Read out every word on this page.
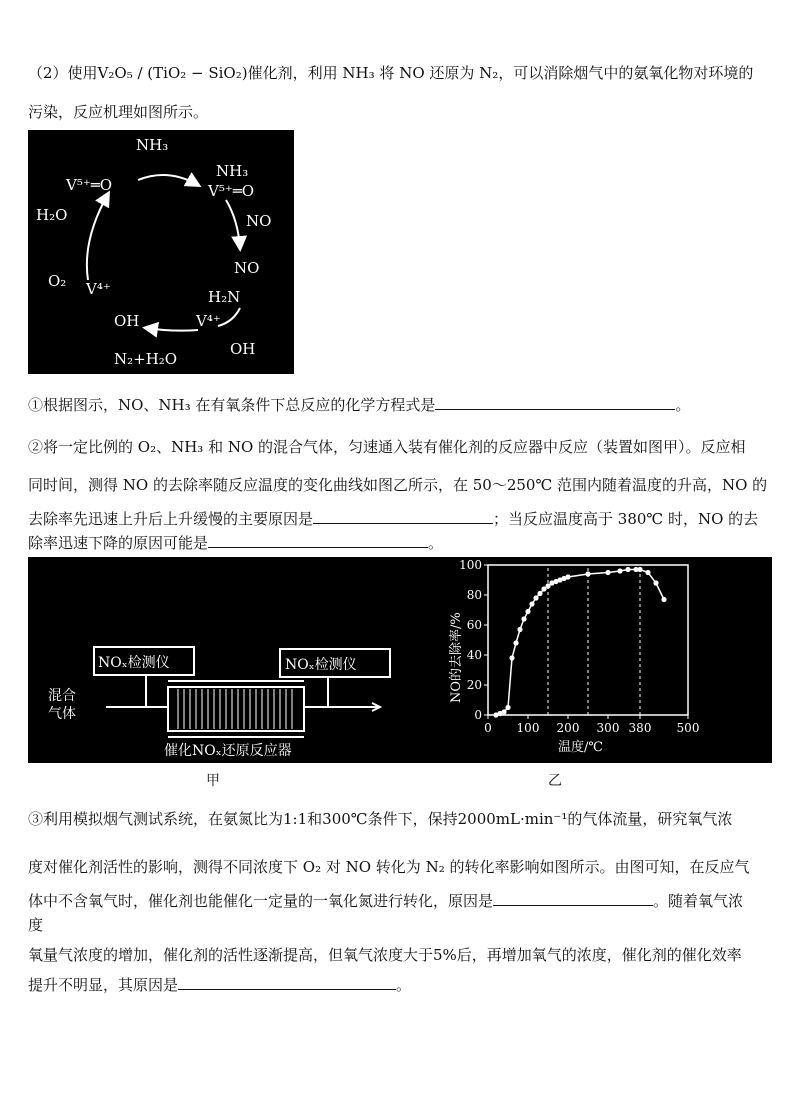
（2）使用V₂O₅ / (TiO₂ − SiO₂)催化剂，利用 NH₃ 将 NO 还原为 N₂，可以消除烟气中的氨氧化物对环境的
污染，反应机理如图所示。
NH₃
V⁵⁺═O
NH₃
V⁵⁺═O
NO
NO
H₂N
V⁴⁺
OH
N₂+H₂O
OH
V⁴⁺
O₂
H₂O
①根据图示，NO、NH₃ 在有氧条件下总反应的化学方程式是	。
②将一定比例的 O₂、NH₃ 和 NO 的混合气体，匀速通入装有催化剂的反应器中反应（装置如图甲）。反应相
同时间，测得 NO 的去除率随反应温度的变化曲线如图乙所示，在 50～250℃ 范围内随着温度的升高，NO 的
去除率先迅速上升后上升缓慢的主要原因是	；当反应温度高于 380℃ 时，NO 的去
除率迅速下降的原因可能是	。
NOₓ检测仪	NOₓ检测仪
混合
气体
催化NOₓ还原反应器
0
20
40
60
80
100
0 100 200 300 380 500
NO的去除率/%
温度/℃
甲	乙
③利用模拟烟气测试系统，在氨氮比为1:1和300℃条件下，保持2000mL·min⁻¹的气体流量，研究氧气浓
度对催化剂活性的影响，测得不同浓度下 O₂ 对 NO 转化为 N₂ 的转化率影响如图所示。由图可知，在反应气
体中不含氧气时，催化剂也能催化一定量的一氧化氮进行转化，原因是	。随着氧气浓
度
氧量气浓度的增加，催化剂的活性逐渐提高，但氧气浓度大于5%后，再增加氧气的浓度，催化剂的催化效率
提升不明显，其原因是	。
